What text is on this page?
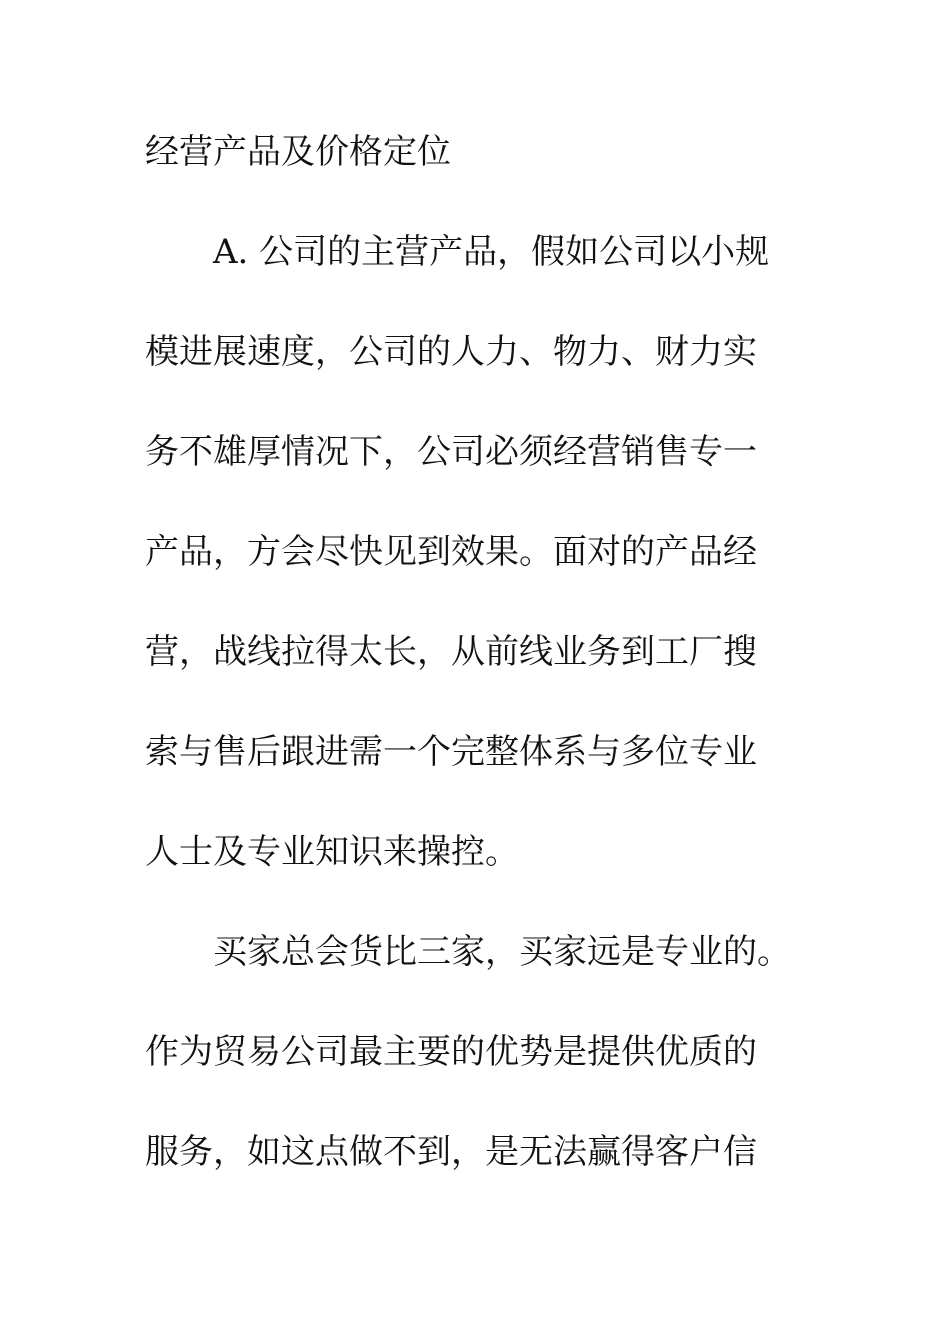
经营产品及价格定位
　　A. 公司的主营产品，假如公司以小规
模进展速度，公司的人力、物力、财力实
务不雄厚情况下，公司必须经营销售专一
产品，方会尽快见到效果。面对的产品经
营，战线拉得太长，从前线业务到工厂搜
索与售后跟进需一个完整体系与多位专业
人士及专业知识来操控。
　　买家总会货比三家，买家远是专业的。
作为贸易公司最主要的优势是提供优质的
服务，如这点做不到，是无法赢得客户信
